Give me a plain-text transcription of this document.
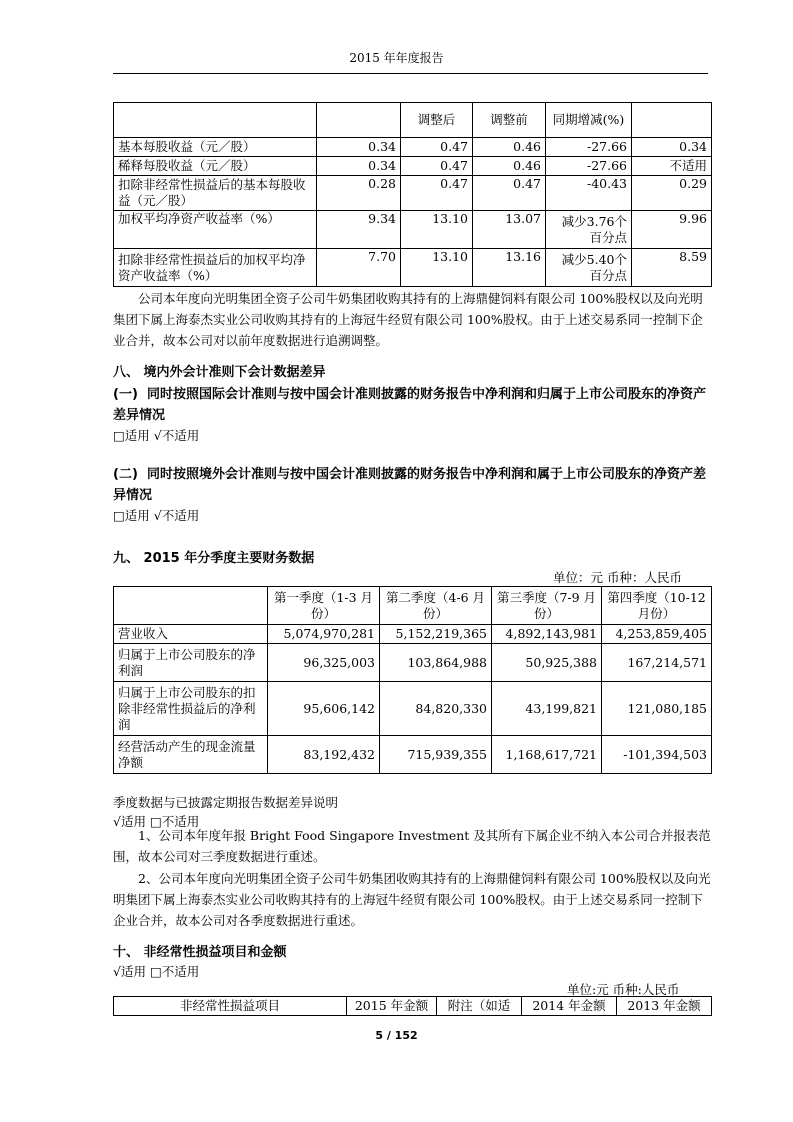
2015 年年度报告
		调整后	调整前	同期增减(%)	
基本每股收益（元／股）	0.34	0.47	0.46	-27.66	0.34
稀释每股收益（元／股）	0.34	0.47	0.46	-27.66	不适用
扣除非经常性损益后的基本每股收益（元／股）	0.28	0.47	0.47	-40.43	0.29
加权平均净资产收益率（%）	9.34	13.10	13.07	减少3.76个百分点	9.96
扣除非经常性损益后的加权平均净资产收益率（%）	7.70	13.10	13.16	减少5.40个百分点	8.59
公司本年度向光明集团全资子公司牛奶集团收购其持有的上海鼎健饲料有限公司 100%股权以及向光明集团下属上海泰杰实业公司收购其持有的上海冠牛经贸有限公司 100%股权。由于上述交易系同一控制下企业合并，故本公司对以前年度数据进行追溯调整。
八、 境内外会计准则下会计数据差异
(一) 同时按照国际会计准则与按中国会计准则披露的财务报告中净利润和归属于上市公司股东的净资产差异情况
□适用 √不适用
(二) 同时按照境外会计准则与按中国会计准则披露的财务报告中净利润和属于上市公司股东的净资产差异情况
□适用 √不适用
九、 2015 年分季度主要财务数据
单位：元 币种：人民币
	第一季度（1-3 月份）	第二季度（4-6 月份）	第三季度（7-9 月份）	第四季度（10-12 月份）
营业收入	5,074,970,281	5,152,219,365	4,892,143,981	4,253,859,405
归属于上市公司股东的净利润	96,325,003	103,864,988	50,925,388	167,214,571
归属于上市公司股东的扣除非经常性损益后的净利润	95,606,142	84,820,330	43,199,821	121,080,185
经营活动产生的现金流量净额	83,192,432	715,939,355	1,168,617,721	-101,394,503
季度数据与已披露定期报告数据差异说明
√适用 □不适用
1、公司本年度年报 Bright Food Singapore Investment 及其所有下属企业不纳入本公司合并报表范围，故本公司对三季度数据进行重述。
2、公司本年度向光明集团全资子公司牛奶集团收购其持有的上海鼎健饲料有限公司 100%股权以及向光明集团下属上海泰杰实业公司收购其持有的上海冠牛经贸有限公司 100%股权。由于上述交易系同一控制下企业合并，故本公司对各季度数据进行重述。
十、 非经常性损益项目和金额
√适用 □不适用
单位:元 币种:人民币
非经常性损益项目	2015 年金额	附注（如适	2014 年金额	2013 年金额
5 / 152
